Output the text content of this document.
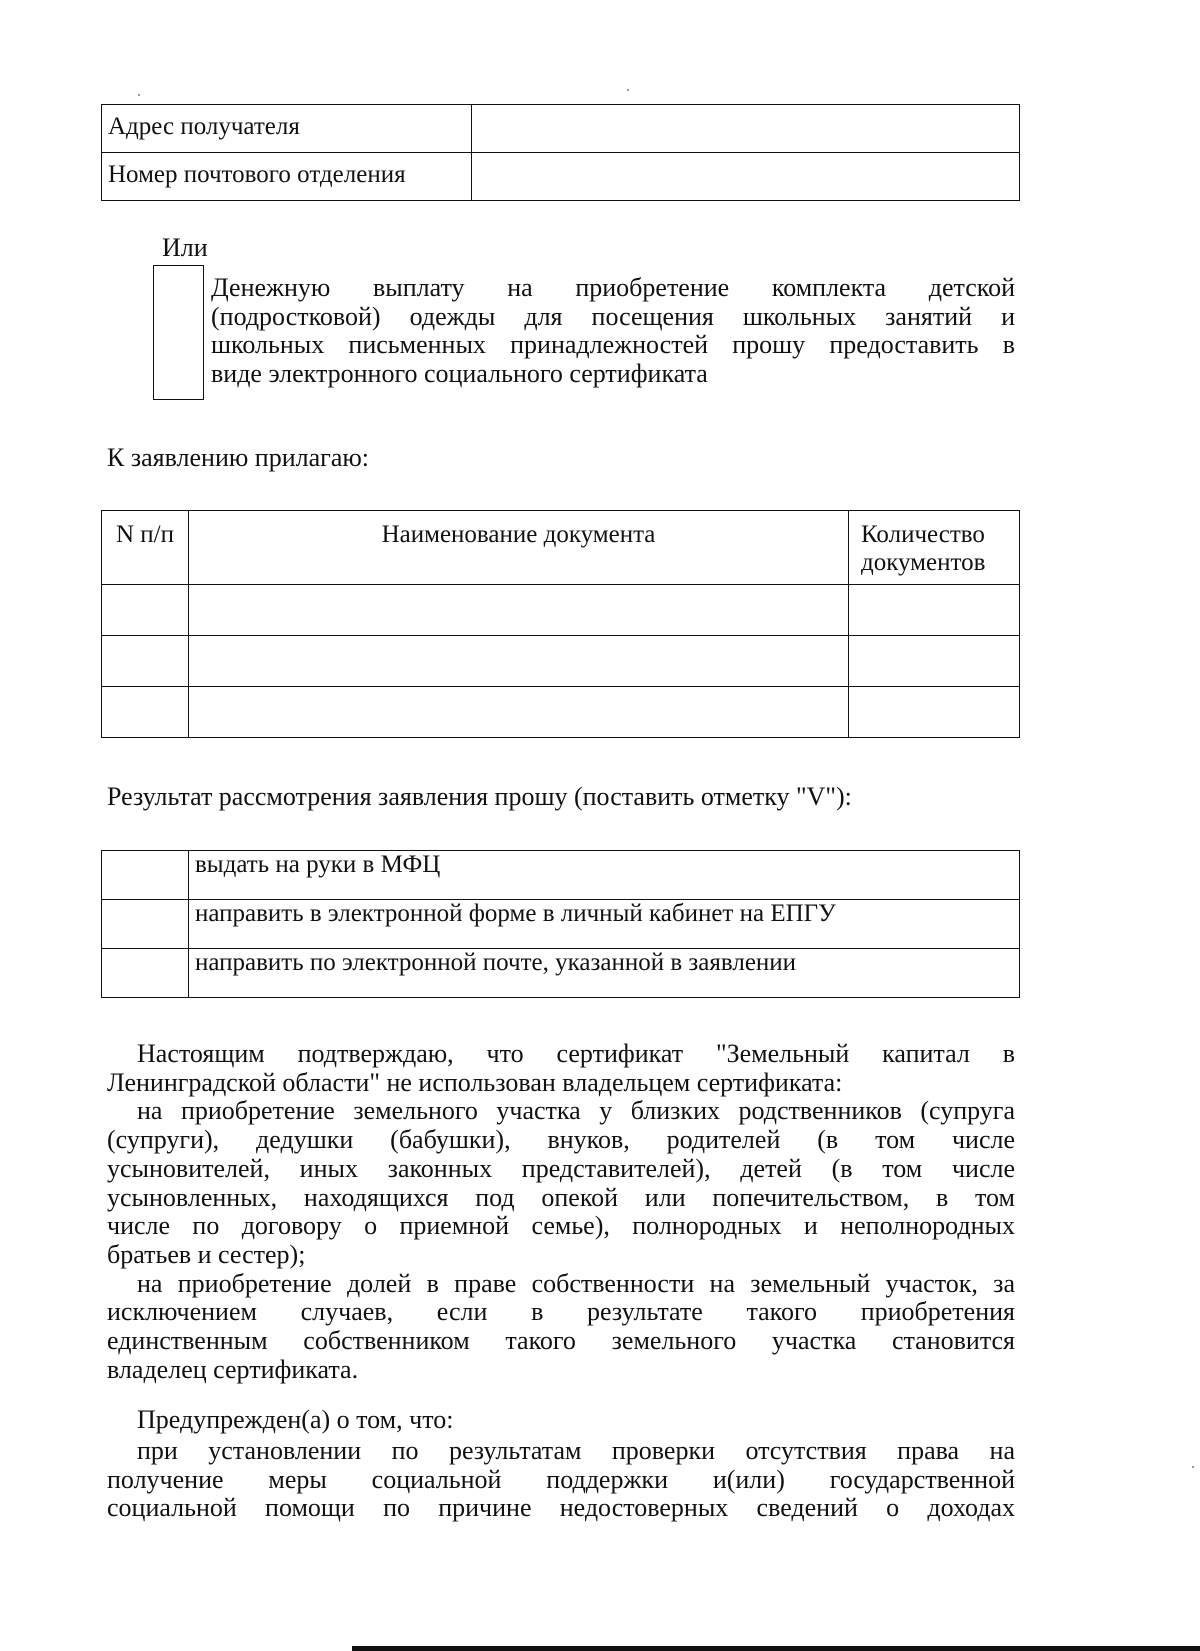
Адрес получателя	
Номер почтового отделения	
Или
Денежную выплату на приобретение комплекта детской
(подростковой) одежды для посещения школьных занятий и
школьных письменных принадлежностей прошу предоставить в
виде электронного социального сертификата
К заявлению прилагаю:
N п/п	Наименование документа	Количество
документов

Результат рассмотрения заявления прошу (поставить отметку "V"):
	выдать на руки в МФЦ
	направить в электронной форме в личный кабинет на ЕПГУ
	направить по электронной почте, указанной в заявлении
Настоящим подтверждаю, что сертификат "Земельный капитал в
Ленинградской области" не использован владельцем сертификата:
на приобретение земельного участка у близких родственников (супруга
(супруги), дедушки (бабушки), внуков, родителей (в том числе
усыновителей, иных законных представителей), детей (в том числе
усыновленных, находящихся под опекой или попечительством, в том
числе по договору о приемной семье), полнородных и неполнородных
братьев и сестер);
на приобретение долей в праве собственности на земельный участок, за
исключением случаев, если в результате такого приобретения
единственным собственником такого земельного участка становится
владелец сертификата.
Предупрежден(а) о том, что:
при установлении по результатам проверки отсутствия права на
получение меры социальной поддержки и(или) государственной
социальной помощи по причине недостоверных сведений о доходах
